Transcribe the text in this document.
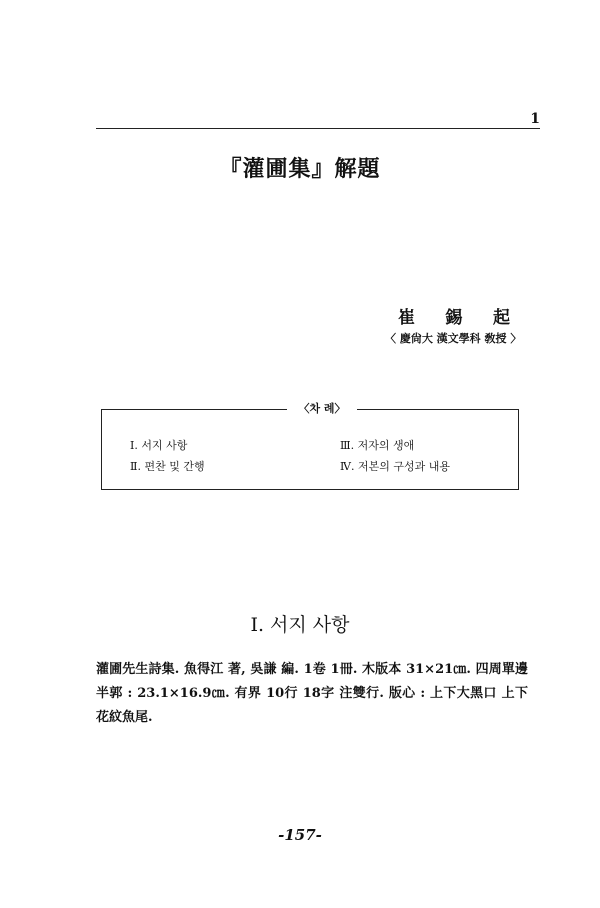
1
『灌圃集』解題
崔 錫 起
〈 慶尙大 漢文學科 敎授 〉
〈차 례〉
Ⅰ. 서지 사항
Ⅱ. 편찬 및 간행
Ⅲ. 저자의 생애
Ⅳ. 저본의 구성과 내용
Ⅰ. 서지 사항
灌圃先生詩集. 魚得江 著, 吳謙 編. 1卷 1冊. 木版本 31×21㎝. 四周單邊 半郭 : 23.1×16.9㎝. 有界 10行 18字 注雙行. 版心 : 上下大黑口 上下花紋魚尾.
-157-
